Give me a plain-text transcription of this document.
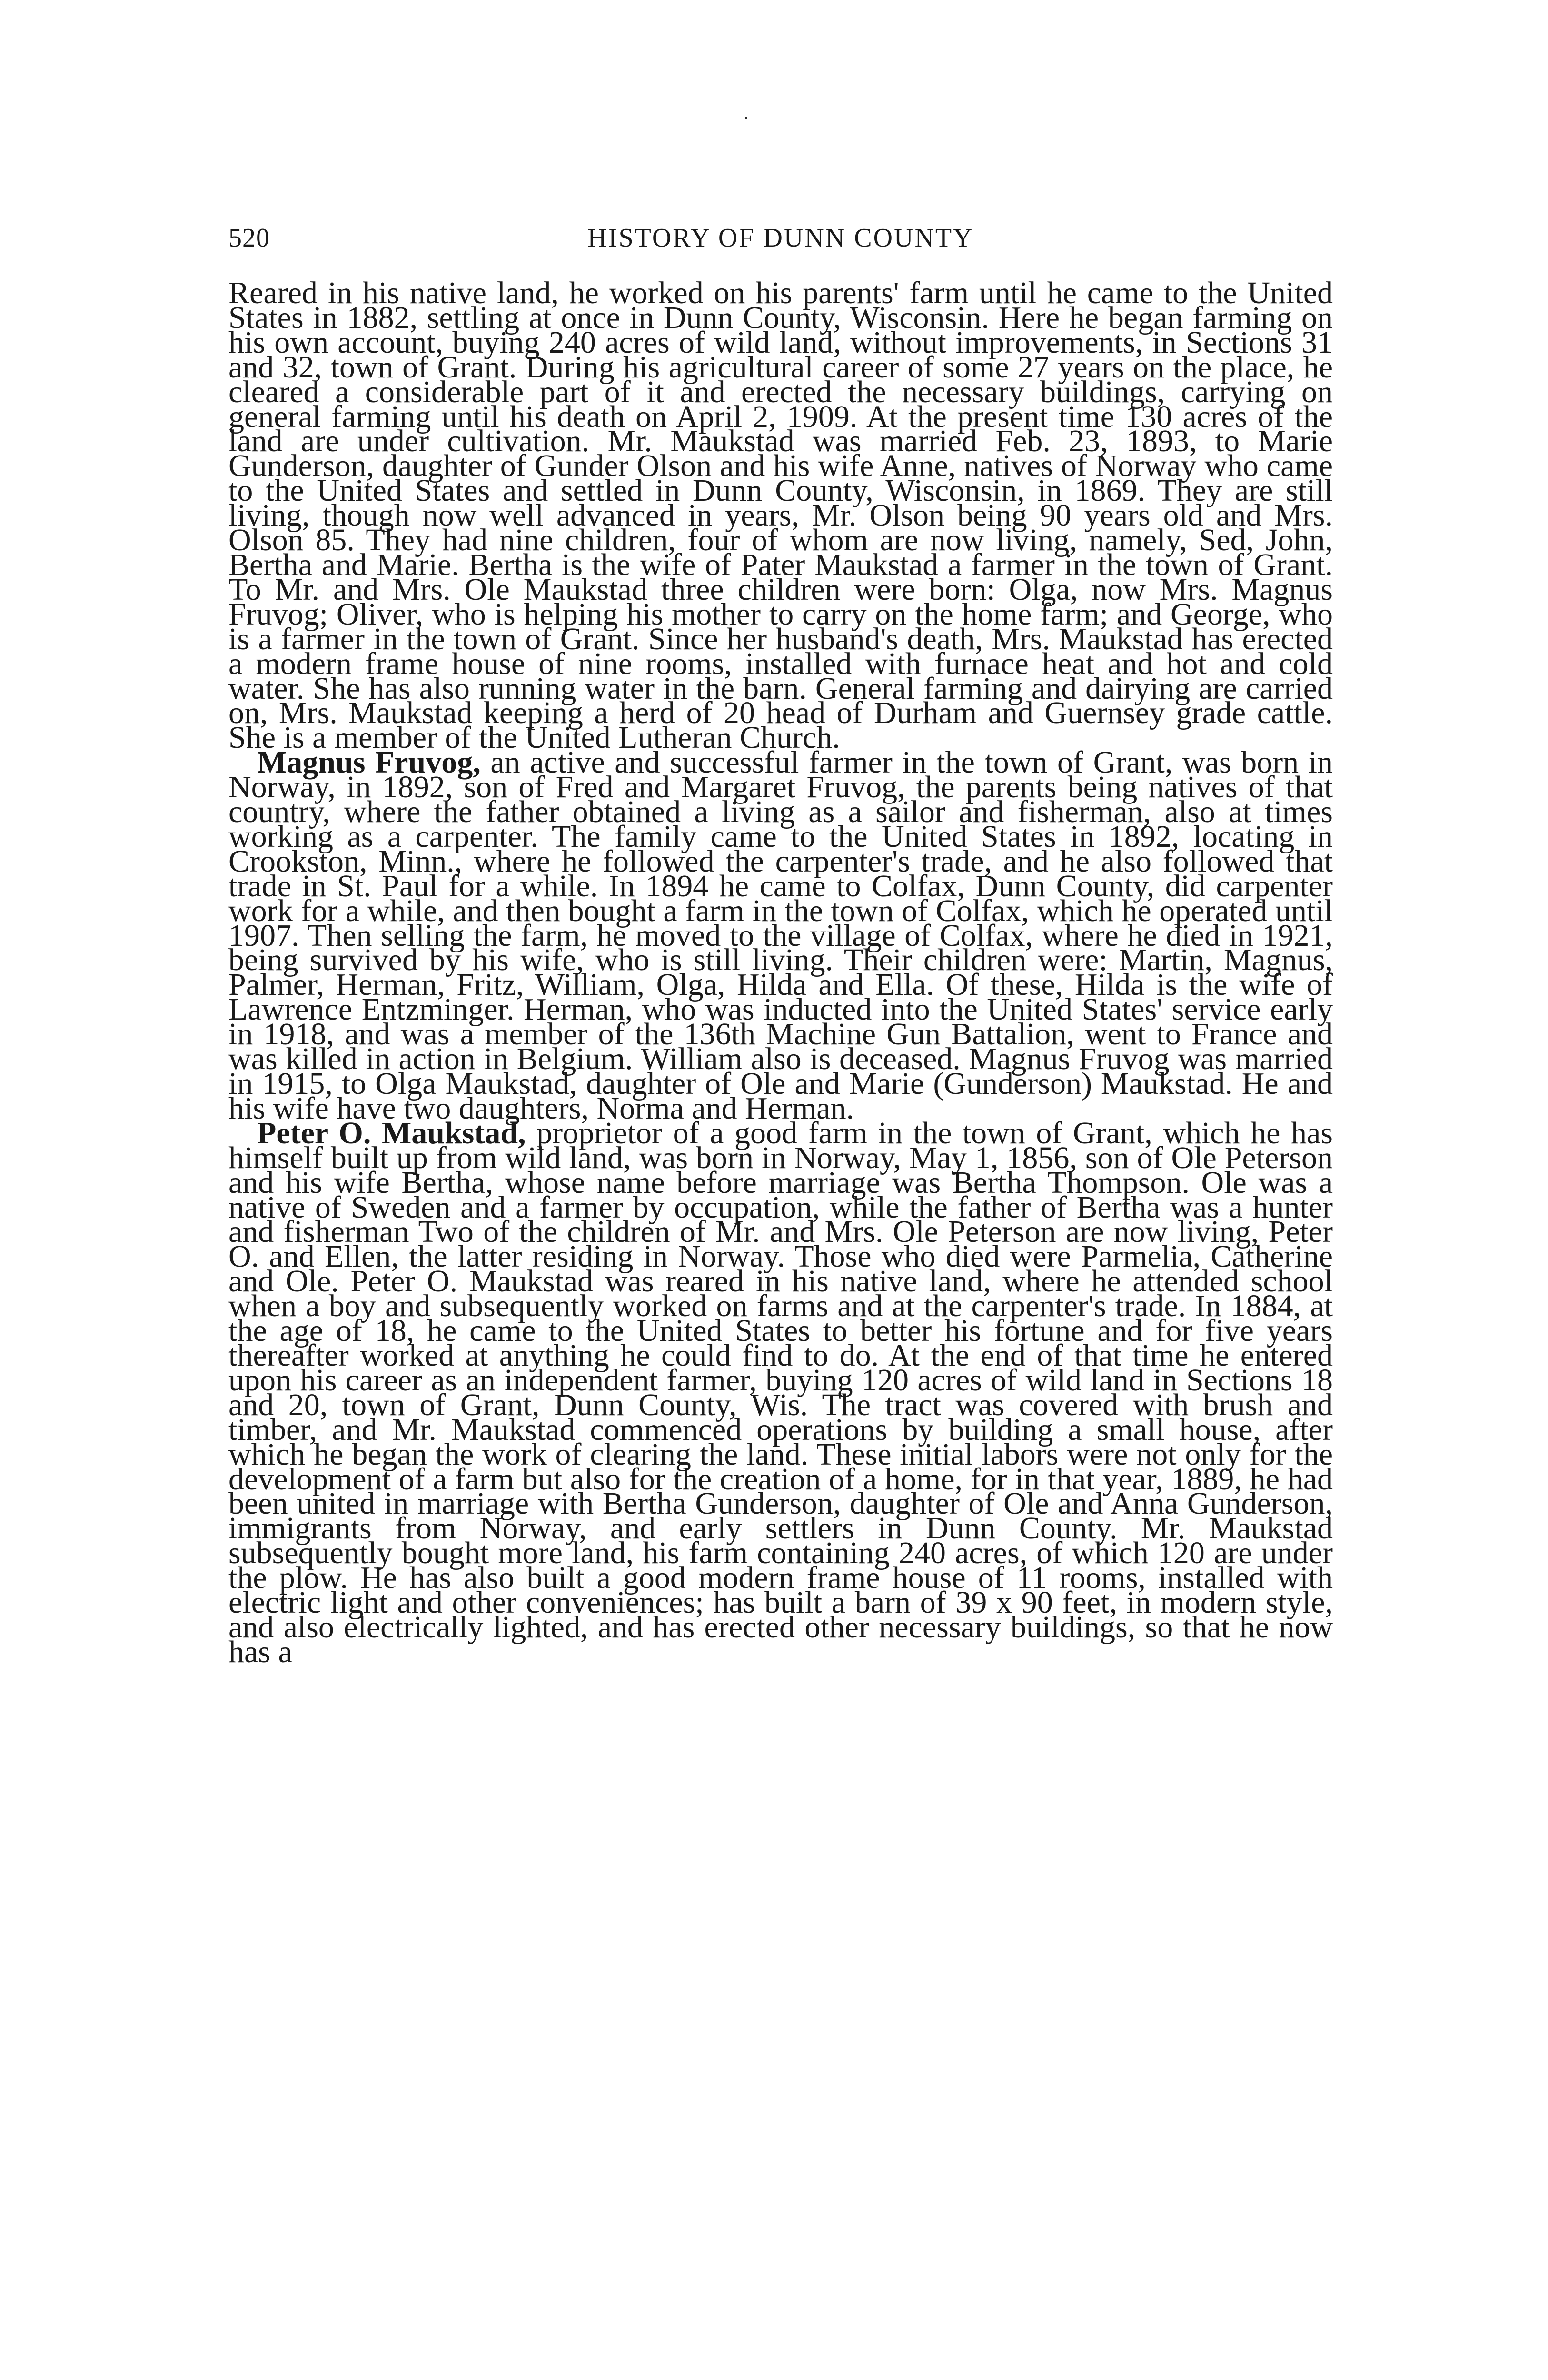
520	HISTORY OF DUNN COUNTY

Reared in his native land, he worked on his parents' farm until he came to the United States in 1882, settling at once in Dunn County, Wisconsin. Here he began farming on his own account, buying 240 acres of wild land, without improvements, in Sections 31 and 32, town of Grant. During his agricultural career of some 27 years on the place, he cleared a considerable part of it and erected the necessary buildings, carrying on general farming until his death on April 2, 1909. At the present time 130 acres of the land are under cultivation. Mr. Maukstad was married Feb. 23, 1893, to Marie Gunderson, daughter of Gunder Olson and his wife Anne, natives of Norway who came to the United States and settled in Dunn County, Wisconsin, in 1869. They are still living, though now well advanced in years, Mr. Olson being 90 years old and Mrs. Olson 85. They had nine children, four of whom are now living, namely, Sed, John, Bertha and Marie. Bertha is the wife of Pater Maukstad a farmer in the town of Grant. To Mr. and Mrs. Ole Maukstad three children were born: Olga, now Mrs. Magnus Fruvog; Oliver, who is helping his mother to carry on the home farm; and George, who is a farmer in the town of Grant. Since her husband's death, Mrs. Maukstad has erected a modern frame house of nine rooms, installed with furnace heat and hot and cold water. She has also running water in the barn. General farming and dairying are carried on, Mrs. Maukstad keeping a herd of 20 head of Durham and Guernsey grade cattle. She is a member of the United Lutheran Church.

Magnus Fruvog, an active and successful farmer in the town of Grant, was born in Norway, in 1892, son of Fred and Margaret Fruvog, the parents being natives of that country, where the father obtained a living as a sailor and fisherman, also at times working as a carpenter. The family came to the United States in 1892, locating in Crookston, Minn., where he followed the carpenter's trade, and he also followed that trade in St. Paul for a while. In 1894 he came to Colfax, Dunn County, did carpenter work for a while, and then bought a farm in the town of Colfax, which he operated until 1907. Then selling the farm, he moved to the village of Colfax, where he died in 1921, being survived by his wife, who is still living. Their children were: Martin, Magnus, Palmer, Herman, Fritz, William, Olga, Hilda and Ella. Of these, Hilda is the wife of Lawrence Entzminger. Herman, who was inducted into the United States' service early in 1918, and was a member of the 136th Machine Gun Battalion, went to France and was killed in action in Belgium. William also is deceased. Magnus Fruvog was married in 1915, to Olga Maukstad, daughter of Ole and Marie (Gunderson) Maukstad. He and his wife have two daughters, Norma and Herman.

Peter O. Maukstad, proprietor of a good farm in the town of Grant, which he has himself built up from wild land, was born in Norway, May 1, 1856, son of Ole Peterson and his wife Bertha, whose name before marriage was Bertha Thompson. Ole was a native of Sweden and a farmer by occupation, while the father of Bertha was a hunter and fisherman Two of the children of Mr. and Mrs. Ole Peterson are now living, Peter O. and Ellen, the latter residing in Norway. Those who died were Parmelia, Catherine and Ole. Peter O. Maukstad was reared in his native land, where he attended school when a boy and subsequently worked on farms and at the carpenter's trade. In 1884, at the age of 18, he came to the United States to better his fortune and for five years thereafter worked at anything he could find to do. At the end of that time he entered upon his career as an independent farmer, buying 120 acres of wild land in Sections 18 and 20, town of Grant, Dunn County, Wis. The tract was covered with brush and timber, and Mr. Maukstad commenced operations by building a small house, after which he began the work of clearing the land. These initial labors were not only for the development of a farm but also for the creation of a home, for in that year, 1889, he had been united in marriage with Bertha Gunderson, daughter of Ole and Anna Gunderson, immigrants from Norway, and early settlers in Dunn County. Mr. Maukstad subsequently bought more land, his farm containing 240 acres, of which 120 are under the plow. He has also built a good modern frame house of 11 rooms, installed with electric light and other conveniences; has built a barn of 39 x 90 feet, in modern style, and also electrically lighted, and has erected other necessary buildings, so that he now has a
